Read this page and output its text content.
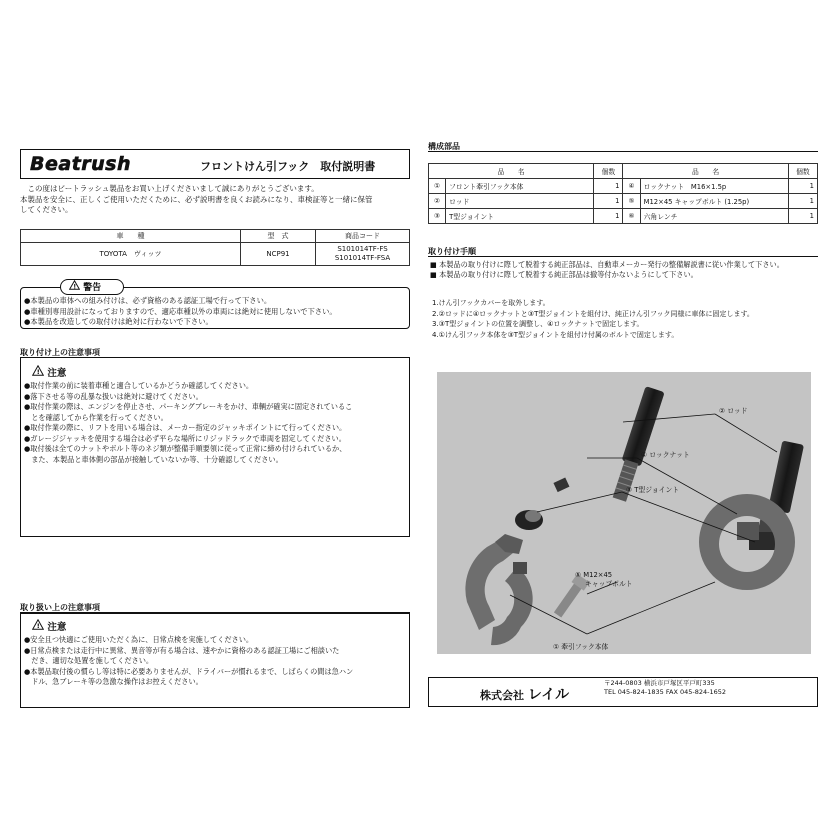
Beatrush	フロントけん引フック　取付説明書
　この度はビートラッシュ製品をお買い上げくださいまして誠にありがとうございます。
本製品を安全に、正しくご使用いただくために、必ず説明書を良くお読みになり、車検証等と一緒に保管
してください。
車　　種	型　式	商品コード
TOYOTA　ヴィッツ	NCP91	S101014TF-FS
S101014TF-FSA
! 警告
●本製品の車体への組み付けは、必ず資格のある認証工場で行って下さい。
●車種別専用設計になっておりますので、適応車種以外の車両には絶対に使用しないで下さい。
●本製品を改造しての取付けは絶対に行わないで下さい。
取り付け上の注意事項
! 注意
●取付作業の前に装着車種と適合しているかどうか確認してください。
●落下させる等の乱暴な扱いは絶対に避けてください。
●取付作業の際は、エンジンを停止させ、パーキングブレーキをかけ、車輌が確実に固定されているこ
　とを確認してから作業を行ってください。
●取付作業の際に、リフトを用いる場合は、メーカー指定のジャッキポイントにて行ってください。
●ガレージジャッキを使用する場合は必ず平らな場所にリジッドラックで車両を固定してください。
●取付後は全てのナットやボルト等のネジ類が整備手順要領に従って正常に締め付けられているか、
　また、本製品と車体側の部品が接触していないか等、十分確認してください。
取り扱い上の注意事項
! 注意
●安全且つ快適にご使用いただく為に、日常点検を実施してください。
●日常点検または走行中に異常、異音等が有る場合は、速やかに資格のある認証工場にご相談いた
　だき、適切な処置を施してください。
●本製品取付後の慣らし等は特に必要ありませんが、ドライバーが慣れるまで、しばらくの間は急ハン
　ドル、急ブレーキ等の急激な操作はお控えください。
構成部品
品　　名		個数	品　　名		個数
①	フロント牽引フック本体	1	④	ロックナット　M16×1.5p	1
②	ロッド	1	⑤	M12×45 キャップボルト (1.25p)	1
③	T型ジョイント	1	⑥	六角レンチ	1
取り付け手順
■ 本製品の取り付けに際して脱着する純正部品は、自動車メーカー発行の整備解説書に従い作業して下さい。
■ 本製品の取り付けに際して脱着する純正部品は撤等付かないようにして下さい。
1.けん引フックカバーを取外します。
2.②ロッドに④ロックナットと③T型ジョイントを組付け、純正けん引フック同様に車体に固定します。
3.③T型ジョイントの位置を調整し、④ロックナットで固定します。
4.①けん引フック本体を③T型ジョイントを組付け付属のボルトで固定します。
② ロッド
④ ロックナット
③ T型ジョイント
⑤ M12×45
キャップボルト
① 牽引フック本体
株式会社 レイル
〒244-0803 横浜市戸塚区平戸町335
TEL 045-824-1835 FAX 045-824-1652
